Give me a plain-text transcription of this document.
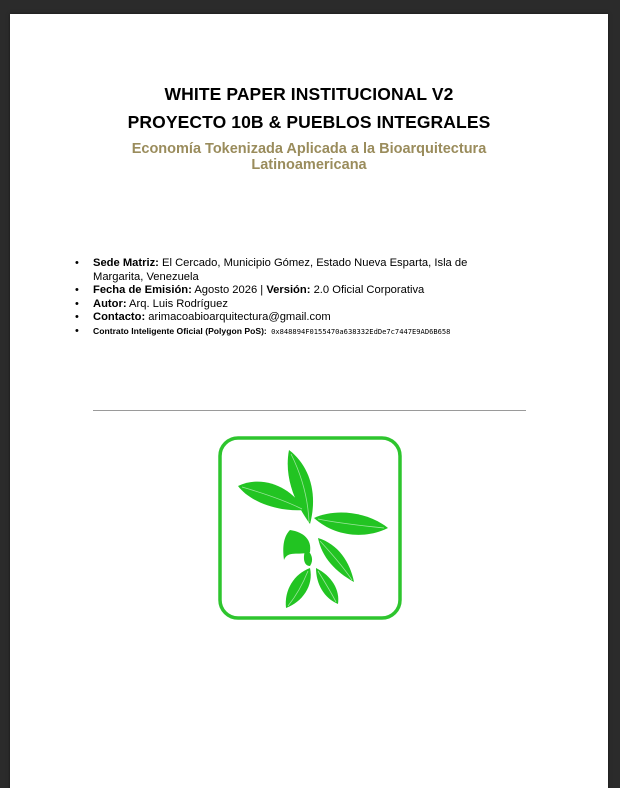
WHITE PAPER INSTITUCIONAL V2
PROYECTO 10B & PUEBLOS INTEGRALES
Economía Tokenizada Aplicada a la Bioarquitectura
Latinoamericana
• Sede Matriz: El Cercado, Municipio Gómez, Estado Nueva Esparta, Isla de Margarita, Venezuela
• Fecha de Emisión: Agosto 2026 | Versión: 2.0 Oficial Corporativa
• Autor: Arq. Luis Rodríguez
• Contacto: arimacoabioarquitectura@gmail.com
• Contrato Inteligente Oficial (Polygon PoS): 0x848894F0155470a638332EdDe7c7447E9AD6B658
